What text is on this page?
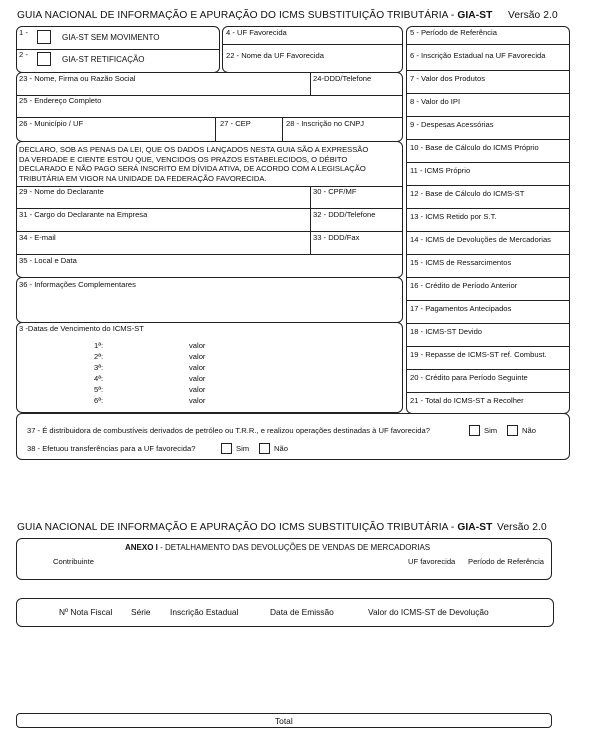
GUIA NACIONAL DE INFORMAÇÃO E APURAÇÃO DO ICMS SUBSTITUIÇÃO TRIBUTÁRIA - GIA-ST Versão 2.0
1 -
GIA-ST SEM MOVIMENTO
2 -
GIA-ST RETIFICAÇÃO
4 - UF Favorecida
22 - Nome da UF Favorecida
23 - Nome, Firma ou Razão Social	24-DDD/Telefone
25 - Endereço Completo
26 - Município / UF	27 - CEP	28 - Inscrição no CNPJ
DECLARO, SOB AS PENAS DA LEI, QUE OS DADOS LANÇADOS NESTA GUIA SÃO A EXPRESSÃO
DA VERDADE E CIENTE ESTOU QUE, VENCIDOS OS PRAZOS ESTABELECIDOS, O DÉBITO
DECLARADO E NÃO PAGO SERÁ INSCRITO EM DÍVIDA ATIVA, DE ACORDO COM A LEGISLAÇÃO
TRIBUTÁRIA EM VIGOR NA UNIDADE DA FEDERAÇÃO FAVORECIDA.
29 - Nome do Declarante	30 - CPF/MF
31 - Cargo do Declarante na Empresa	32 - DDD/Telefone
34 - E-mail	33 - DDD/Fax
35 - Local e Data
36 - Informações Complementares
3 -Datas de Vencimento do ICMS-ST
1ª:	valor
2ª:	valor
3ª:	valor
4ª:	valor
5ª:	valor
6ª:	valor
5 - Período de Referência
6 - Inscrição Estadual na UF Favorecida
7 - Valor dos Produtos
8 - Valor do IPI
9 - Despesas Acessórias
10 - Base de Cálculo do ICMS Próprio
11 - ICMS Próprio
12 - Base de Cálculo do ICMS-ST
13 - ICMS Retido por S.T.
14 - ICMS de Devoluções de Mercadorias
15 - ICMS de Ressarcimentos
16 - Crédito de Período Anterior
17 - Pagamentos Antecipados
18 - ICMS-ST Devido
19 - Repasse de ICMS-ST ref. Combust.
20 - Crédito para Período Seguinte
21 - Total do ICMS-ST a Recolher
37 - É distribuidora de combustíveis derivados de petróleo ou T.R.R., e realizou operações destinadas à UF favorecida?	Sim	Não
38 - Efetuou transferências para a UF favorecida?	Sim	Não
GUIA NACIONAL DE INFORMAÇÃO E APURAÇÃO DO ICMS SUBSTITUIÇÃO TRIBUTÁRIA - GIA-ST Versão 2.0
ANEXO I - DETALHAMENTO DAS DEVOLUÇÕES DE VENDAS DE MERCADORIAS
Contribuinte	UF favorecida Período de Referência
Nº Nota Fiscal Série Inscrição Estadual	Data de Emissão	Valor do ICMS-ST de Devolução
Total
